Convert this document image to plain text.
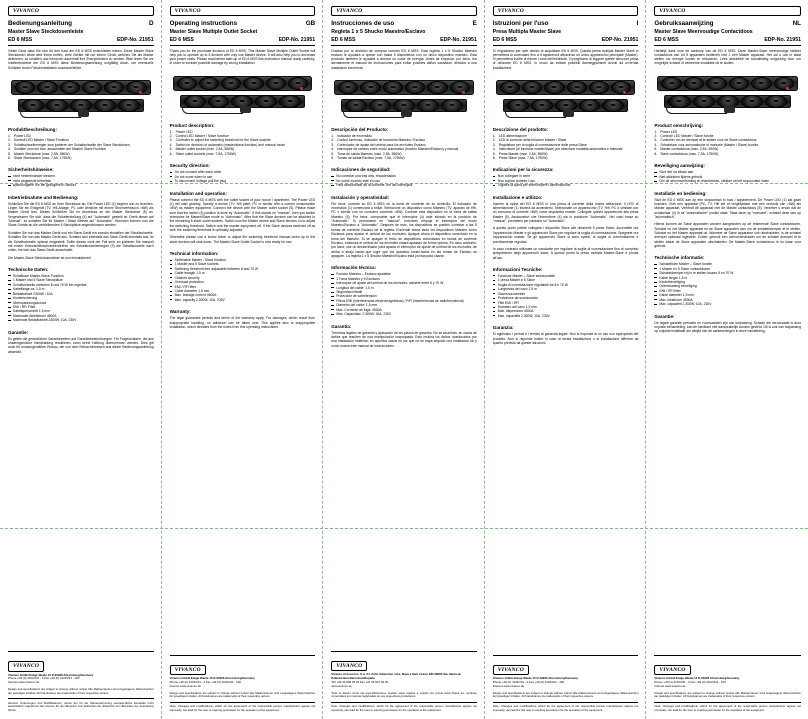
VIVANCO
Bedienungsanleitung	D
Master Slave Steckdosenleiste
ED 6 MSS	EDP-No. 21951
Vielen Dank dass Sie sich für den Kauf der ED 6 MSS entschieden haben. Diese Master Slave Steckdosen leiste wird Ihnen helfen, viele Geräte mit nur einem Gerät, welches Sie als Master definieren, zu schalten und hierdurch dauerhaft Ihre Energiekosten zu senken. Bitte lesen Sie vor Inbetriebnahme der ED 6 MSS diese Bedienungsanleitung sorgfältig durch, um eventuelle Schäden durch Falschinstallation auszuschließen.
Produktbeschreibung:
Power LED
Kontroll LED Master / Slave Funktion
Schaltschwellenregler zum justieren der Schaltschwelle der Slave Steckdosen
Schalter zum ein bzw. ausschalten der Master/ Slave Funktion
Master Steckdose (max. 2,5A, 550W)
Slave Steckdosen (max. 7,5A, 1750W)
Sicherheitshinweise:
nicht hintereinander stecken
nicht abgedeckt betreiben
spannungsfrei nur bei gezogenem Stecker
Inbetriebnahme und Bedienung:

Schließen Sie die ED 6 MSS an Ihrer Steckdose an. Die Power LED (1) beginnt nun zu leuchten. Legen Sie ein Endgerät (TV, Hifi-Anlage, PC oder ähnliche mit einem Stromverbrauch >8W) als Master Gerät fest. Dieses Schließen Sie im Anschluss an die Master Steckdose (5) an. Vergewissern Sie sich, dass die Schalterstellung (4) auf "Automatic" gestellt ist. Dreht dieser auf "Manual", so schalten Sie für Master / Slave Betrieb auf "Automatic". Hiernach können nun die Slave-Geräte an die verbleibenden 5 Steckplätze angeschlossen werden.

Schalten Sie nun das Master-Gerät und ein Slave-Gerät ein zwecks einstellen der Schaltschwelle. Schalten Sie nun das Master-Gerät aus. Schaltet sich ebenfalls das Slave-Gerät ebenfalls aus, ist die Schaltschwelle optimal eingestellt. Sollte dieses nicht der Fall sein, so justieren Sie manuell mit einem Kreuzschlitzschraubendreher am Schaltschwellenregler (3) die Schaltschwelle nach unten, bis sich das Slave-Gerät ausschaltet.

Die Master-Slave Steckdosenleiste ist nun einsatzbereit.

Technische Daten:
Schaltbare Master-Slave-Funktion
1 Master und 5 Slave Steckplätze
Schaltschwelle zwischen 8 und 70 W frei regelbar
Kabellänge ca. 1,5 m
Belastbarkeit 2300W / 10A
Kinderischerung
Überspannungsschutz
EMI / RFI Filter
Kabelquerschnitt 1,5 mm
Maximaler Ableitstrom 4500A
Maximale Belastbarkeit 2300W, 10A, 230V
Garantie:

Es gelten die gesetzlichen Garantiezeiten und Garantiebestimmungen. Für Folgeschäden, die aus unsachgemäßer Handhabung resultieren, kann keine Haftung übernommen werden. Dies gilt auch für unsachgemäßen Einbau, der von dem Einbauhinweisen aus dieser Bedienungsanleitung abweicht.

VIVANCO
Vivanco GmbH Ewige Weide 15 D-22926 Ahrensburg/Germany
Phone +49 (0) 4102/231 - 0 Fax +49 (0) 4102/231 - 160
Internet www.vivanco.de

Design and specifications are subject to change without notice! Alle Markennamen sind eingetragene Warenzeichen der jeweiligen Inhaber. All brandnames are trademarks of their respective owners.

Hinweis: Änderungen und Modifikationen, denen der für die Übereinstimmung verantwortliche Hersteller nicht ausdrücklich zugestimmt hat, können für den Benutzer zum Erlöschen der Erlaubnis zum Betreiben der Ausrüstung führen.

VIVANCO
Operating instructions	GB
Master Slave Multiple Outlet Socket
ED 6 MSS	EDP-No. 21951
Thank you for the purchase decision of ED 6 MSS. This Master Slave Multiple Outlet Socket will help you to operate up to 5 devices with only one Master device. It will also help you to decrease your power costs. Please read before start-up of ED 6 MSS this instruction manual ready carefully, in order to exclude possible damage by wrong installation.
Product description:
Power LED
Control LED Master / Slave function
Controller to adjust the switching threshold for the Slave sockets
Switch for decision of automatic (master/slave function) and manual mode
Master outlet socket (max. 2,5A, 550W)
Slave outlet sockets (max. 7,5A, 1750W)
Security direction:
Do not connect after each other
Do not cover when in use
To disconnect Voltage pull the plug
Installation and operation:

Please connect the ED 6 MSS with the outlet socket of your house / apartment. The Power LED (1) will start glowing. Specify a device (TV, Hifi plant, PC or similar with a current consumption >8W) as master equipment. Connect the device with the Master outlet socket (5). Please make sure that the switch (4) position is done by "Automatic". If this stands on "manual", then you switch enterprise for Master/Slave mode to "Automatic". After that the Slave devices can be attached to the remaining 5 slave outlet sockets. Switch now the Master device and Slave devices on to adjust the switching threshold. Switch now the master equipment off. If the Slave devices switches off as well, the switching threshold is optimally adjusted.

Otherwise please use a screw driver to adjust the switching threshold manual down up to the slave devices will shut down. The Master-Slave Outlet Socket is now ready for use.

Technical information:
Switchable Master - Slave function
1 Master and 5 Slave sockets
Switching threshold free adjustable between 8 and 70 W
Cable leangth 1,5 m
Children security
Overload protection
EMI / RFI filter
Cable diameter 1,5 mm
Max. leakage current 4500A
Max. capacity 2,300W, 10A, 230V
Warranty:

The legal guarantee periods and terms of the warranty apply. For damages, which result from inappropriate handling, no adhesion can be taken over. This applies also to inappropriate installation, which deviates from the notes from this operating instructions.

VIVANCO
Vivanco GmbH Ewige Weide 15 D-22926 Ahrensburg/Germany
Phone +49 (0) 4102/231 - 0 Fax +49 (0) 4102/231 - 160
Internet www.vivanco.de

Design and specifications are subject to change without notice! Alle Markennamen sind eingetragene Warenzeichen der jeweiligen Inhaber. All brandnames are trademarks of their respective owners.

Note: Changes and modifications, which for the agreement of the responsible person manufacturer agrees not expressly, can lead for the user to expiring permission for the operation of the equipment.

VIVANCO
Instrucciones de uso	E
Regleta 1 x 5 Shucko Maestro/Esclavo
ED 6 MSS	EDP-No. 21951
Gracias por la decisión de comprar nuestro ED 6 MSS. Esta regleta 1 x 5 Shucko Maestro esclavo le ayudará a operar con hasta 5 dispositivos con un único dispositivo maestro. Esta producto también le ayudará a ahorrar su coste de energía. Antes de empezar, por favor, lea atentamente el manual de instrucciones para evitar posibles daños causados, debidos a una instalación incorrecta.
Descripción del Producto:
Indicador de encendido
Control luminoso, indicador de funciones Maestro / Esclavo
Controlador de ajuste del umbral para los enchufes Esclavo
Interruptor de cambio entre modo automático (función Maestro/Esclavo) y manual
Toma de salida Maestro (máx. 2,5A, 550W)
Tomas de salida Esclavo (máx. 7,5A, 1750W)
Indicaciones de seguridad:
No conectar una tras otra, encadenados
No cubrir cuando esté en uso
Para desconectar de la corriente, tire del interruptor
Instalación y operatividad:

Por favor, conecte su ED 6 MSS en la toma de corriente de su domicilio. El indicador de encendido (1) comenzará a brillar. Seleccione un dispositivo como Maestro (TV, aparato de Hifi, PC o similar con un consumo corriente >8W). Conecte esta dispositivo en la toma de salida Maestro (5). Por favor, compruebe que el interruptor (4) esté situado en la posición de "Automatic". Si permanece en "manual", entonces empuje el interruptor del modo Maestro/Esclavo a "Automatic". Después de esto, los dispositivos se pueden conectar a las 5 tomas de corriente Esclavo de la regleta. Enciende ahora tanto los dispositivos Maestro como Esclavos para ajustar el umbral de los enchufes. Apague ahora el dispositivo conectado en la toma del Maestro. Si se apagan el resto de dispositivos conectados en tomas de corriente Esclavo, entonces el umbral de los enchufes estará ajustado de forma óptima. En caso contrario, por favor, use un destornillador para ajustar el interruptor de ajuste de umbral de los enchufes, de arriba a abajo hasta que logre que los aparatos conec-tados en las tomas de Esclavo se apaguen. La regleta 1 x 5 Shucko Maestro/Esclavo está ya lista para usarse.

Información técnica:
Función Maestro – Esclavo ajustable
1 Toma Maestro y 5 Esclavos
Interruptor de ajuste del umbral de los enchufes, variable entre 8 y 70 W
Longitud del cable: 1,5 m
Seguridad infantil
Protección de sobretensión
Filtros EMI (Interferencias electromagnéticas) / RFI (Interferencias de radiofrecuencia)
Diámetro del cable: 1,5 mm
Max. Corriente de fuga: 4500A
Máx. Capacidad: 2.300W, 10A, 230V
Garantía:

Términos legales de garantía y aplicación de los plazos de garantía. No se asumirán, en casos de daños que resulten de una manipulación inapropiada. Esto incluirá los daños ocasionados por una instalación indebida, en aquellos casos en los que no se haya seguido una instalación tal y como marca este manual de instrucciones.

VIVANCO
Vivanco Accesorios, S.A. P.I. Antic Güitermar. Ctra. Nava a Sant Celoni S/N 08660 Sta. Maria de Palautordera Barcelona/España
Telf +34 93 848 35 20 Fax +34 93 847 05 00
www.vivanco.es

Todo el diseño como las especificaciones pueden estar sujetos a cambio sin previo aviso.Todos los nombres comerciales son marcas registradas de sus respectivos propietarios.

Note: Changes and modifications, which for the agreement of the responsible person manufacturer agrees not expressly, can lead for the user to expiring permission for the operation of the equipment.

VIVANCO
Istruzioni per l'uso	I
Presa Multipla Master Slave
ED 6 MSS	EDP-No. 21951
Vi ringraziamo per aver deciso di acquistare ED 6 MSS. Questa presa multipla Master Slave vi permetterà di controllare fino a 5 apparecchi attraverso un unico apparecchio principale (Master). Vi permetterà inoltre di ridurre i costi dell'elettricità. Vi preghiamo di leggere queste istruzioni prima di utilizzare ED 6 MSS, in modo da evitare possibili danneggiamenti dovuti ad un'errata installazione.
Descrizione del prodotto:
LED alimentazione
LED di controllo della funzione Master / Slave
Regolatore per la soglia di commutazione delle presa Slave
Interruttore (di funzione master/slave) per selezione modalità automatica e manuale
Presa Master (max. 2,5A, 550W)
Prese Slave (max. 7,5A, 1750W)
Indicazioni per la sicurezza:
Non collegare in serie
Non coprire durante l'uso
Togliere la spina per interrompere l'alimentazione
Installazione e utilizzo:

Inserire la spina del ED 6 MSS in una presa di corrente della vostra abitazione. Il LED di alimentazione (1) inizierà ad accendersi. Selezionate un apparecchio (TV, Hifi, PC o similare con un consumo di corrente >8W) come dispositivo master. Collegate questo apparecchio alla presa Master (5). Assicuratevi che l'interruttore (4) sia in posizione "Automatic". Nel caso fosse su "manual", premetelo per passarlo su "Automatic".

A questo punto potete collegare i dispositivi Slave alle rimanenti 5 prese Salve. Accendete ora l'apparecchio Master e gli apparecchi Slave per regolare la soglia di commutazione. Spegnete ora l'apparecchio master. Se gli apparecchi Slave si sono spenti, la soglia di commutazione è correttamente regolata.

In caso contrario utilizzate un cacciavite per regolare la soglia di commutazione fino al completo spegnimento degli apparecchi slave. A questo punto la presa multipla Master-Slave è pronta all'uso.

Informazioni Tecniche:
Funzione Master – Slave selezionabile
1 presa Master e 5 Slave
Soglia di commutazione regolabile tra 8 e 70 W
Lunghezza del cavo 1,5 m
Sicurezza bambini
Protezione da sovraccarico
Filtri EMI / RFI
Diametro del cavo 1,5 mm
Max. dispersione 4500A
Max. capacitità 2.300W, 10A, 230V
Garanzia:

Si applicano i periodi e i termini di garanzia legale. Non si risponde di un uso non appropriato del prodotto. Non si risponde inoltre in caso di errata installazione o di installazione difforme da quanto previsto da queste istruzioni.

VIVANCO
Vivanco GmbH Ewige Weide 15 D-22926 Ahrensburg/Germany
Phone +49 (0) 4102/231 - 0 Fax +49 (0) 4102/231 - 160
Internet www.vivanco.de

Design and specifications are subject to change without notice! Alle Markennamen sind eingetragene Warenzeichen der jeweiligen Inhaber. All brandnames are trademarks of their respective owners.

Note: Changes and modifications, which for the agreement of the responsible person manufacturer agrees not expressly, can lead for the user to expiring permission for the operation of the equipment.

VIVANCO
Gebruiksaanwijzing	NL
Master Slave Meervoudige Contactdoos
ED 6 MSS	EDP-No. 21951
Hartelijk dank voor de aankoop van de ED 6 MSS. Deze Master-Slave meervoudige stekker contactdoos kan tot 5 apparaten bedienen met 1 één Master apparaat. Het zal u ook in staat stellen uw energie kosten te reduceren. Lees alstublieft de handleiding zorgvuldig door om mogelijke schade of verkeerde installatie uit te sluiten.
Product omschrijving:
Power LED
Controle LED Master / Slave functie
Controller om de drempel af te stellen voor de Slave contactdoos.
Schakelaar voor automatische of manuele (Master / Slave) functie.
Master contactdoos (max. 2,5A, 550W)
Slave contactdoos (max. 7,5A, 1750W)
Beveiliging aanwijzing:
Sluit niet na elkaar aan
Niet afdekken tijdens gebruik
Om de stroomverbinding te onderbreken, stekker uit het stopcontact halen
Installatie en bediening:

Sluit de ED 6 MSS aan op een stopcontact in huis / appartement. De Power LED (1) zal gaan branden. Kies een apparaat (PC, TV, Hifi set of vergelijkbaar met een verbruik van >8W) als Master apparaat. Verbindt dit apparaat met de Master contactdoos (5). Verzeker u ervan dat de schakelaar (4) in de "automatische" positie staat. Staat deze op "manueel", schakel deze dan op "automatisch".

Hierna kunnen de Slave apparaten worden aangesloten op de resterende Slave contactdozen. Schakel nu het Master apparaat en de Slave apparaten aan om de schakeldrempel af te stellen. Schakel nu het Master apparaat uit. Wanneer de Slave apparaten ook uitschakelen, is de schakel drempel optimaal ingesteld. Zoniet, gebruik een schroevendraaier om de schakel drempel af te stellen totdat de Slave apparaten uitschakelen. De Master-Slave contactdoos is nu klaar voor gebruik.

Technische informatie:
Schakelbare Master – Slave functie
1 Master en 5 Slave contactdozen
Schakeldrempel vrij in te stellen tussen 8 en 70 W
Kabel lengte 1,5 m
Kinderbeveiliging
Overbelasting beveiliging
EMI / RFI filter
Kabel diameter 1,5 mm
Max. lekstroom 4500A
Max. capaciteit 2,300W, 10A, 230V
Garantie:

De legale garantie periodes en voorwaarden zijn van toepassing. Schade die veroorzaakt is door onjuiste behandeling, kan de fabrikant niet aansprakelijk worden gesteld. Dit is ook van toepassing op onjuiste installatie die afwijkt van de aantekeningen in deze handleiding.

VIVANCO
Vivanco GmbH Ewige Weide 15 D-22926 Ahrensburg/Germany
Phone +49 (0) 4102/231 - 0 Fax +49 (0) 4102/231 - 160
Internet www.vivanco.de

Design and specifications are subject to change without notice! Alle Markennamen sind eingetragene Warenzeichen der jeweiligen Inhaber. All brandnames are trademarks of their respective owners.

Note: Changes and modifications, which for the agreement of the responsible person manufacturer agrees not expressly, can lead for the user to expiring permission for the operation of the equipment.
